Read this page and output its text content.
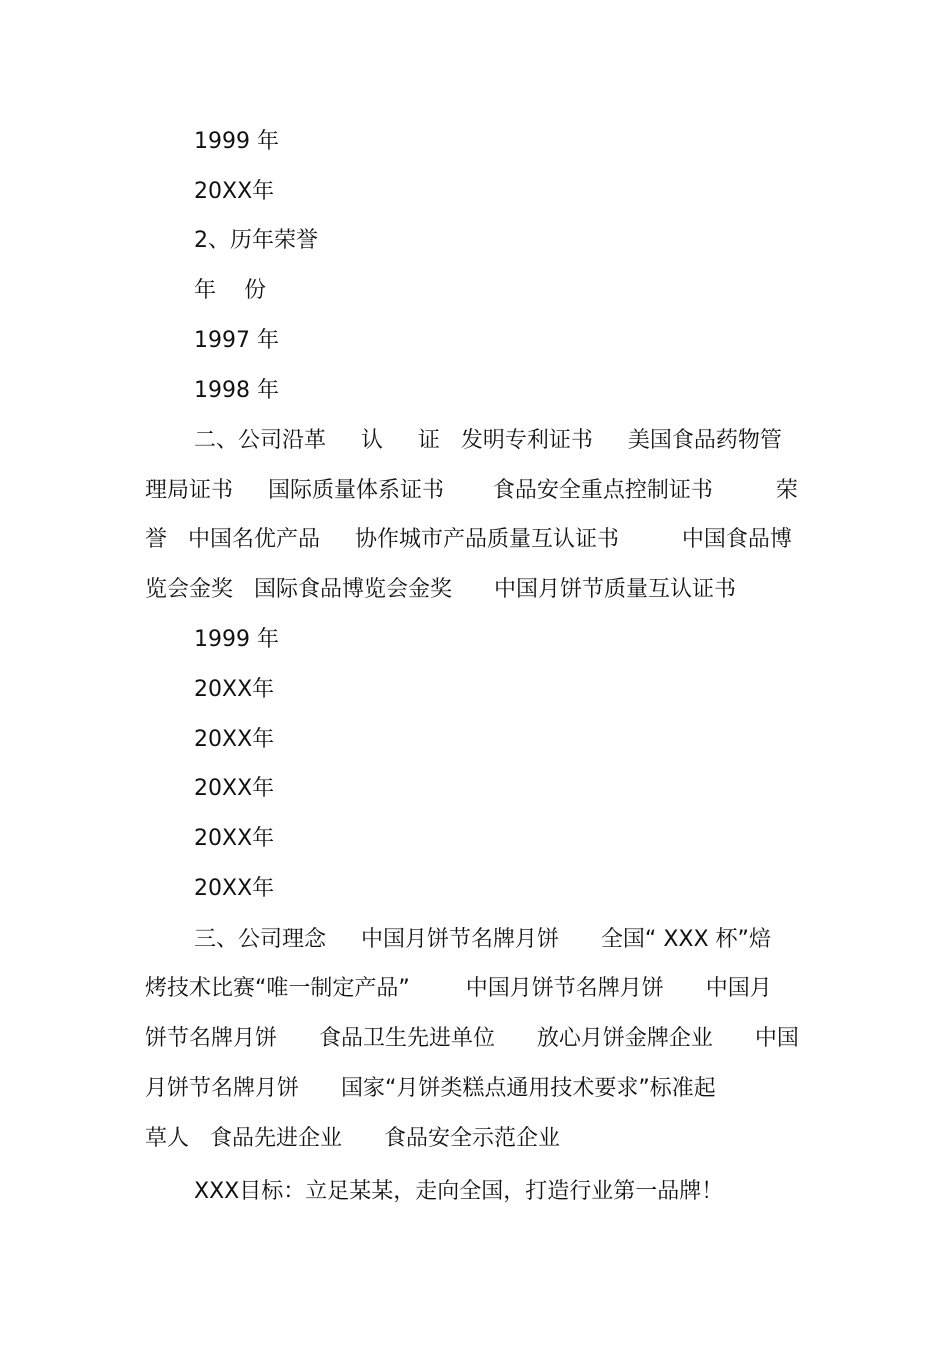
1999 年
20XX年
2、历年荣誉
年    份
1997 年
1998 年
二、公司沿革     认     证   发明专利证书     美国食品药物管
理局证书     国际质量体系证书       食品安全重点控制证书         荣
誉   中国名优产品     协作城市产品质量互认证书         中国食品博
览会金奖   国际食品博览会金奖      中国月饼节质量互认证书
1999 年
20XX年
20XX年
20XX年
20XX年
20XX年
三、公司理念     中国月饼节名牌月饼      全国“ XXX 杯”焙
烤技术比赛“唯一制定产品”        中国月饼节名牌月饼      中国月
饼节名牌月饼      食品卫生先进单位      放心月饼金牌企业      中国
月饼节名牌月饼      国家“月饼类糕点通用技术要求”标准起
草人   食品先进企业      食品安全示范企业
XXX目标：立足某某，走向全国，打造行业第一品牌！
